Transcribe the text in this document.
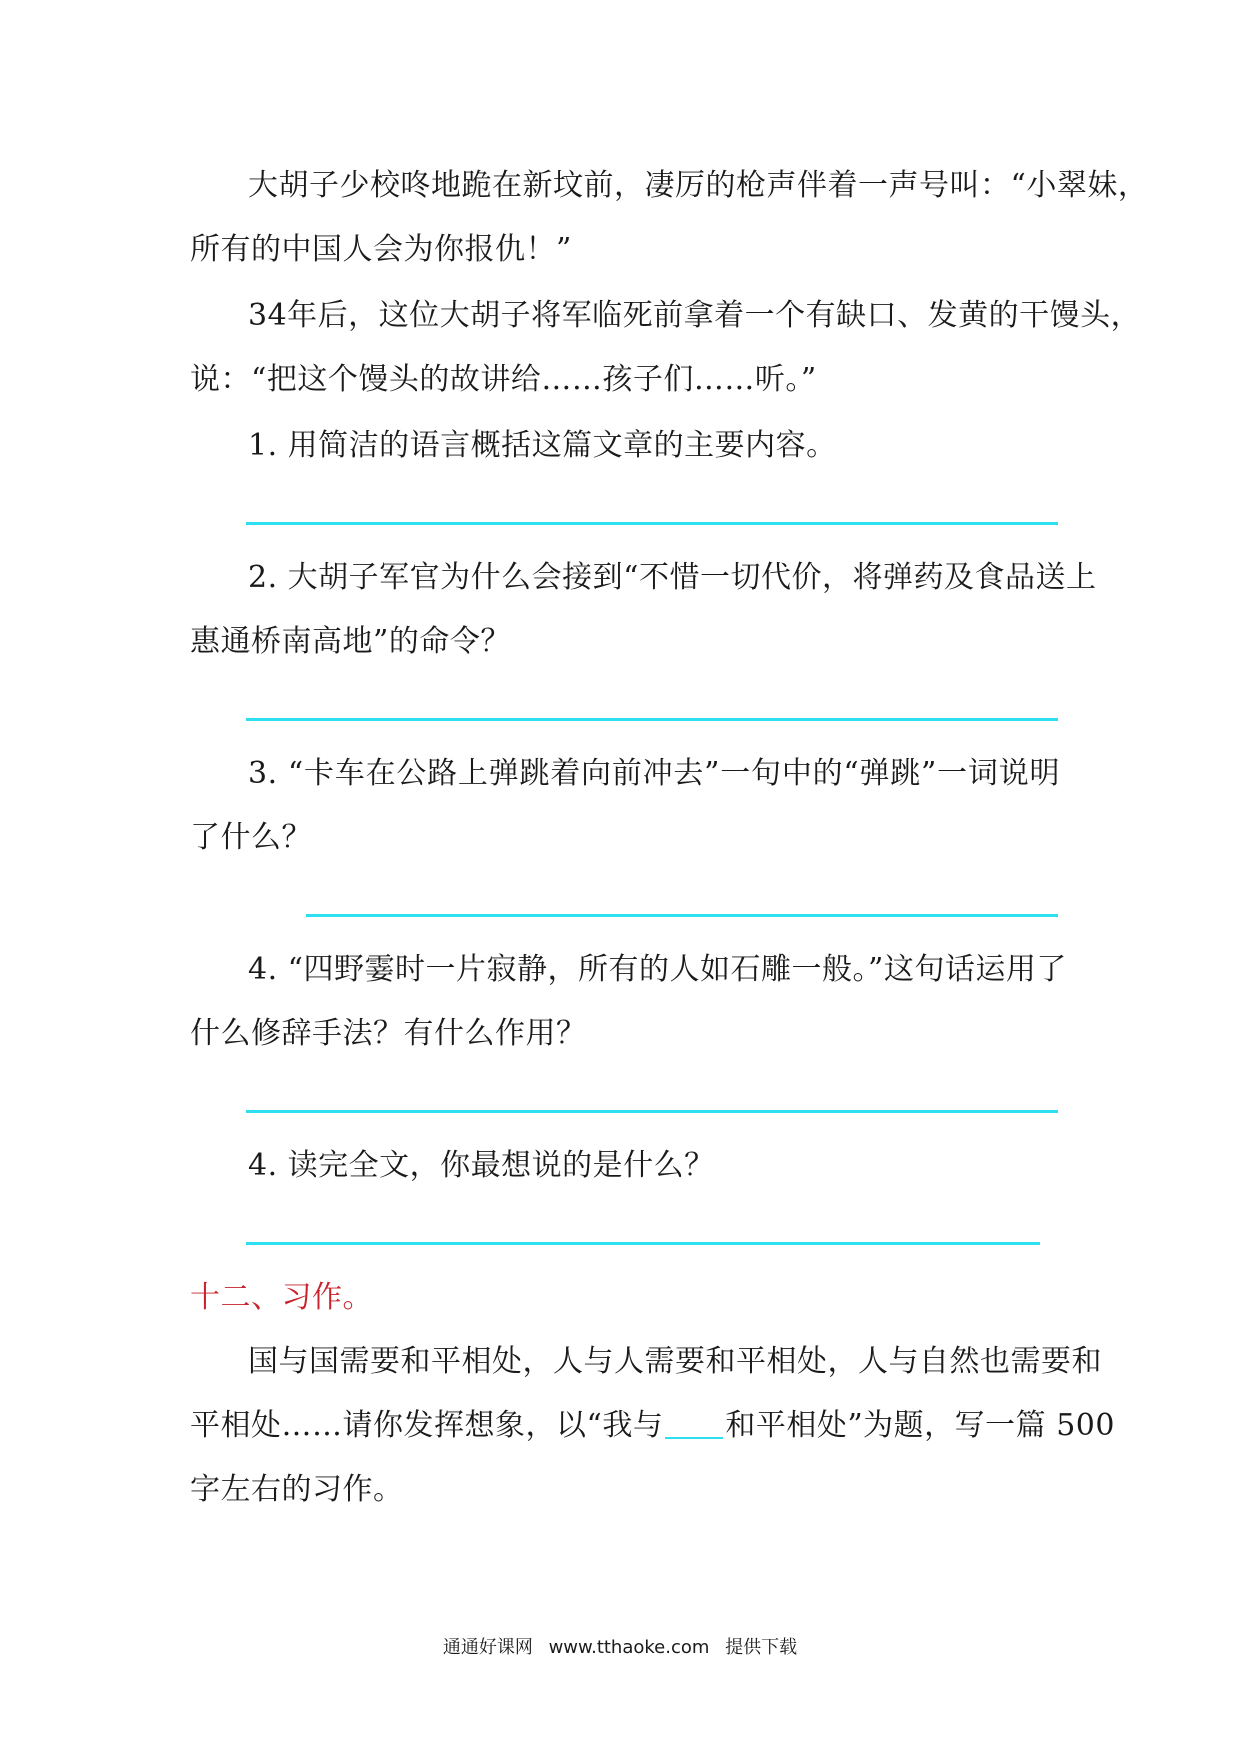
大胡子少校咚地跪在新坟前，凄厉的枪声伴着一声号叫：“小翠妹，
所有的中国人会为你报仇！”
34年后，这位大胡子将军临死前拿着一个有缺口、发黄的干馒头，
说：“把这个馒头的故讲给……孩子们……听。”
1. 用简洁的语言概括这篇文章的主要内容。
2. 大胡子军官为什么会接到“不惜一切代价，将弹药及食品送上
惠通桥南高地”的命令？
3. “卡车在公路上弹跳着向前冲去”一句中的“弹跳”一词说明
了什么？
4. “四野霎时一片寂静，所有的人如石雕一般。”这句话运用了
什么修辞手法？有什么作用？
4. 读完全文，你最想说的是什么？
十二、习作。
国与国需要和平相处，人与人需要和平相处，人与自然也需要和
平相处……请你发挥想象，以“我与 和平相处”为题，写一篇 500
字左右的习作。
通通好课网 www.tthaoke.com 提供下载
